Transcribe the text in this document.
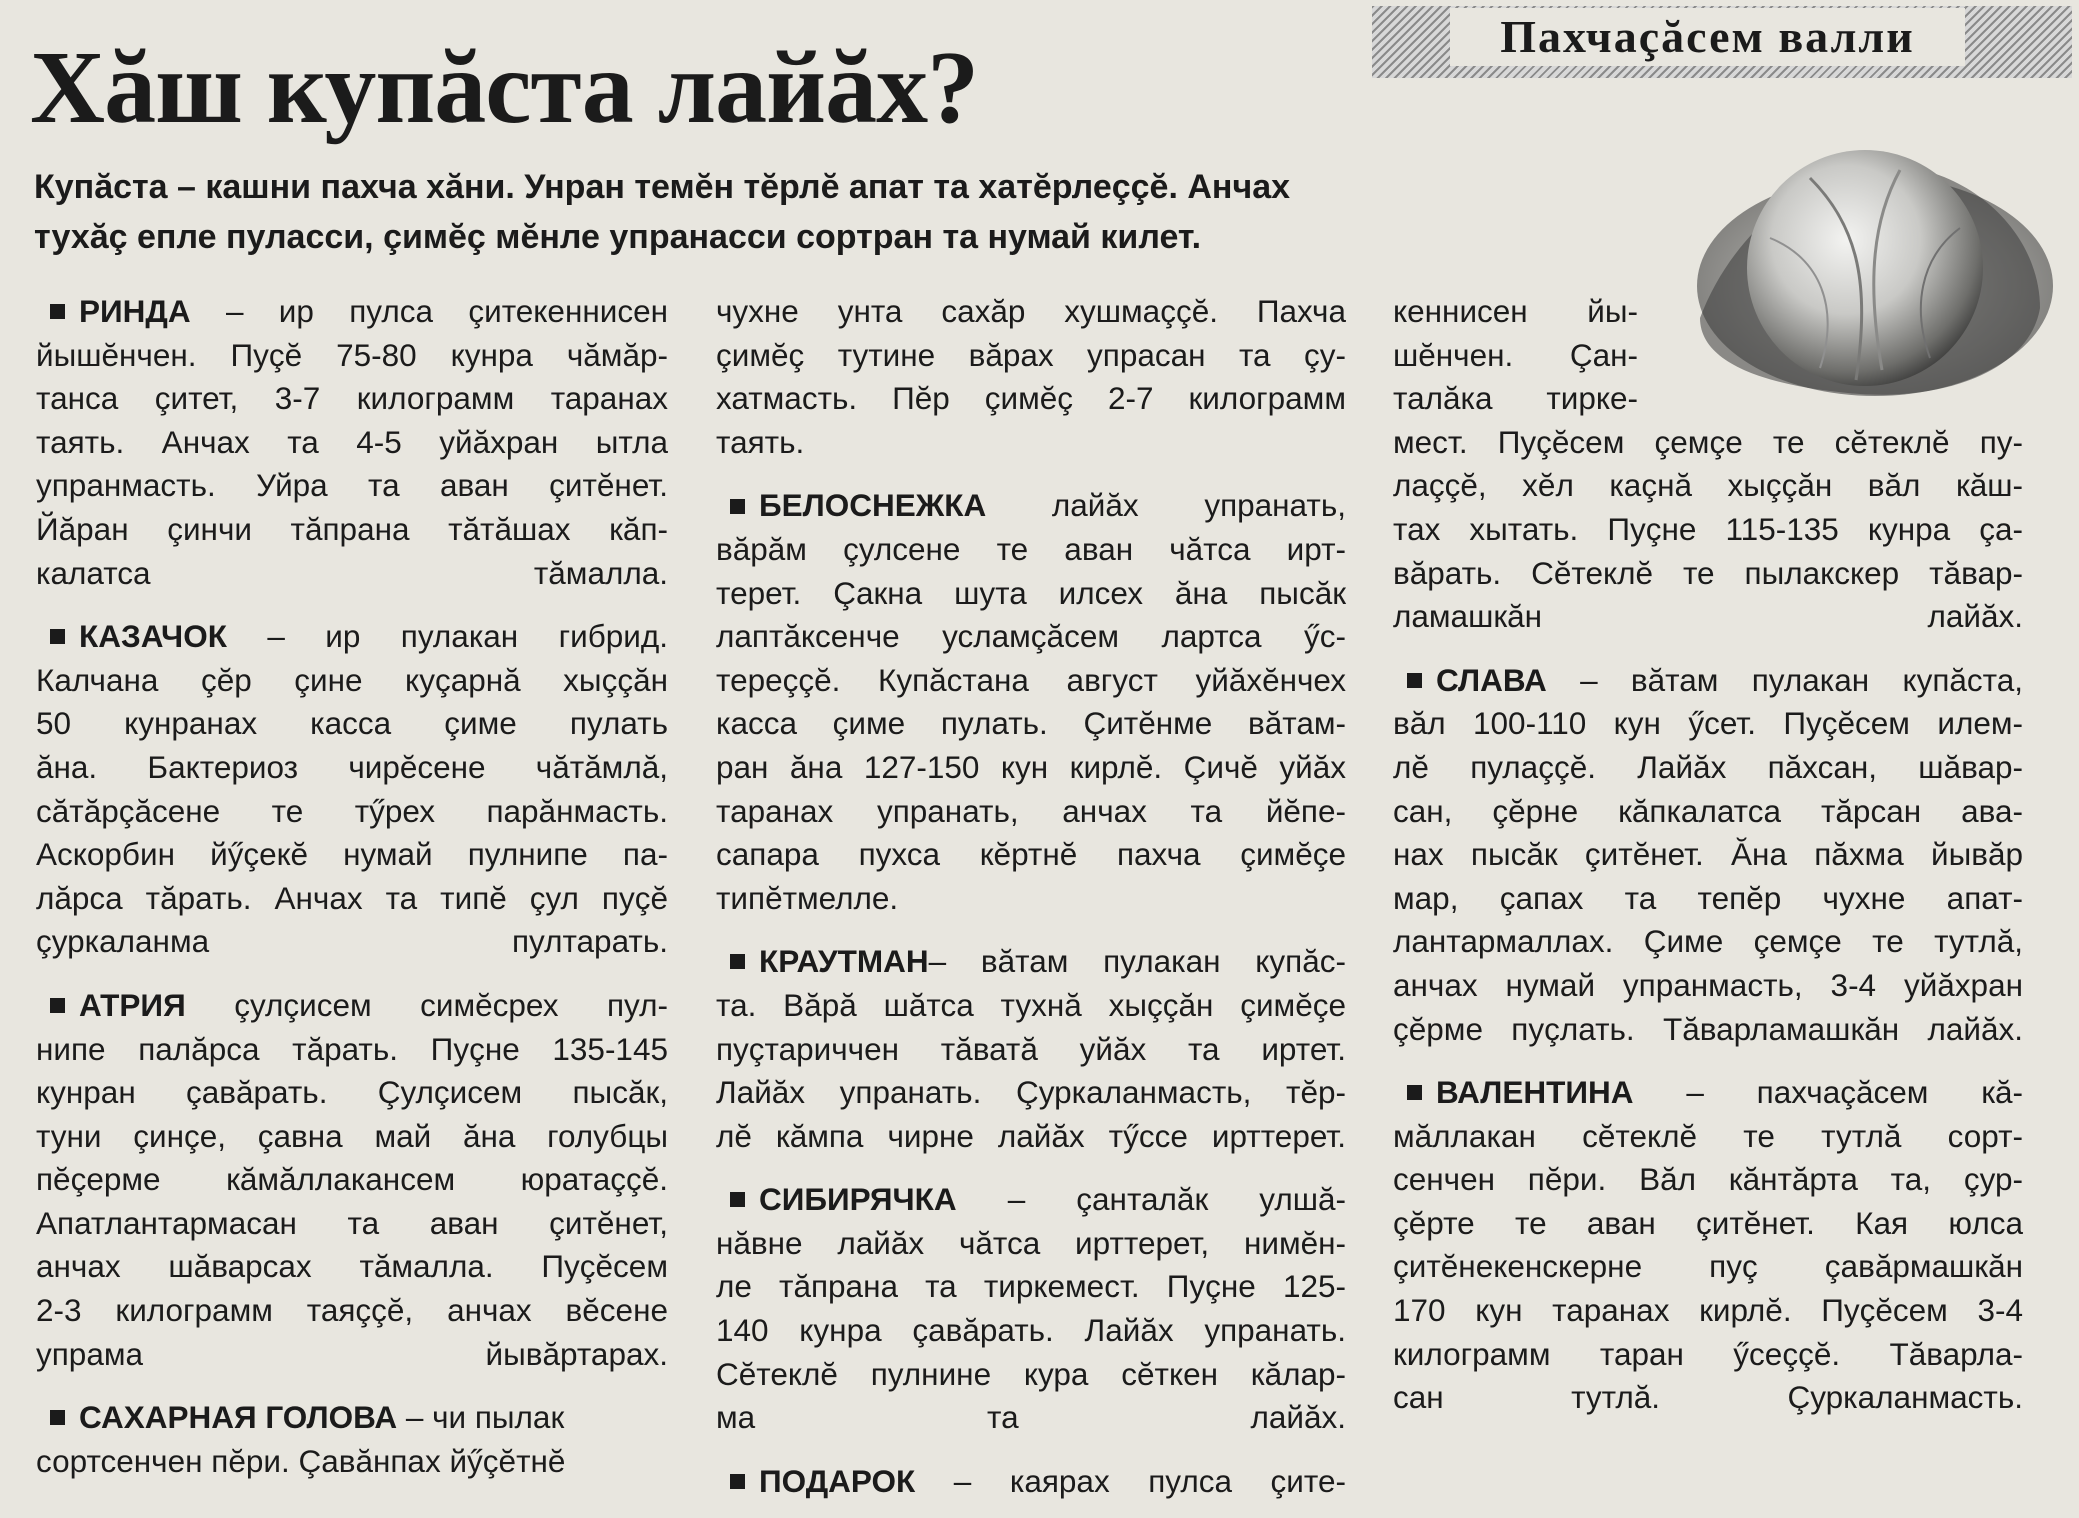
Пахчаçăсем валли
Хăш купăста лайăх?
Купăста – кашни пахча хăни. Унран темĕн тĕрлĕ апат та хатĕрлеççĕ. Анчах
тухăç епле пуласси, çимĕç мĕнле упранасси сортран та нумай килет.

РИНДА – ир пулса çитекеннисен
йышĕнчен. Пуçĕ 75-80 кунра чăмăр-
танса çитет, 3-7 килограмм таранах
таять. Анчах та 4-5 уйăхран ытла
упранмасть. Уйра та аван çитĕнет.
Йăран çинчи тăпрана тăтăшах кăп-
калатса тăмалла.

КАЗАЧОК – ир пулакан гибрид.
Калчана çĕр çине куçарнă хыççăн
50 кунранах касса çиме пулать
ăна. Бактериоз чирĕсене чăтăмлă,
сăтăрçăсене те тӳрех парăнмасть.
Аскорбин йӳçекĕ нумай пулнипе па-
лăрса тăрать. Анчах та типĕ çул пуçĕ
çуркаланма пултарать.

АТРИЯ çулçисем симĕсрех пул-
нипе палăрса тăрать. Пуçне 135-145
кунран çавăрать. Çулçисем пысăк,
туни çинçе, çавна май ăна голубцы
пĕçерме кăмăллакансем юратаççĕ.
Апатлантармасан та аван çитĕнет,
анчах шăварсах тăмалла. Пуçĕсем
2-3 килограмм таяççĕ, анчах вĕсене
упрама йывăртарах.

САХАРНАЯ ГОЛОВА – чи пылак
сортсенчен пĕри. Çавăнпах йӳçĕтнĕ

чухне унта сахăр хушмаççĕ. Пахча
çимĕç тутине вăрах упрасан та çу-
хатмасть. Пĕр çимĕç 2-7 килограмм
таять.

БЕЛОСНЕЖКА лайăх упранать,
вăрăм çулсене те аван чăтса ирт-
терет. Çакна шута илсех ăна пысăк
лаптăксенче усламçăсем лартса ӳс-
тереççĕ. Купăстана август уйăхĕнчех
касса çиме пулать. Çитĕнме вăтам-
ран ăна 127-150 кун кирлĕ. Çичĕ уйăх
таранах упранать, анчах та йĕпе-
сапара пухса кĕртнĕ пахча çимĕçе
типĕтмелле.

КРАУТМАН– вăтам пулакан купăс-
та. Вăрă шăтса тухнă хыççăн çимĕçе
пуçтариччен тăватă уйăх та иртет.
Лайăх упранать. Çуркаланмасть, тĕр-
лĕ кăмпа чирне лайăх тӳссе ирттерет.

СИБИРЯЧКА – çанталăк улшă-
нăвне лайăх чăтса ирттерет, нимĕн-
ле тăпрана та тиркемест. Пуçне 125-
140 кунра çавăрать. Лайăх упранать.
Сĕтеклĕ пулнине кура сĕткен кăлар-
ма та лайăх.

ПОДАРОК – каярах пулса çите-

кеннисен йы-
шĕнчен. Çан-
талăка тирке-
мест. Пуçĕсем çемçе те сĕтеклĕ пу-
лаççĕ, хĕл каçнă хыççăн вăл кăш-
тах хытать. Пуçне 115-135 кунра ça-
вăрать. Сĕтеклĕ те пылакскер тăвар-
ламашкăн лайăх.

СЛАВА – вăтам пулакан купăста,
вăл 100-110 кун ӳсет. Пуçĕсем илем-
лĕ пулаççĕ. Лайăх пăхсан, шăвар-
сан, çĕрне кăпкалатса тăрсан ава-
нах пысăк çитĕнет. Ăна пăхма йывăр
мар, çапах та тепĕр чухне апат-
лантармаллах. Çиме çемçе те тутлă,
анчах нумай упранмасть, 3-4 уйăхран
çĕрме пуçлать. Тăварламашкăн лайăх.

ВАЛЕНТИНА – пахчаçăсем кă-
мăллакан сĕтеклĕ те тутлă сорт-
сенчен пĕри. Вăл кăнтăрта та, çур-
çĕрте те аван çитĕнет. Кая юлса
çитĕнекенскерне пуç çавăрмашкăн
170 кун таранах кирлĕ. Пуçĕсем 3-4
килограмм таран ӳсеççĕ. Тăварла-
сан тутлă. Çуркаланмасть.
